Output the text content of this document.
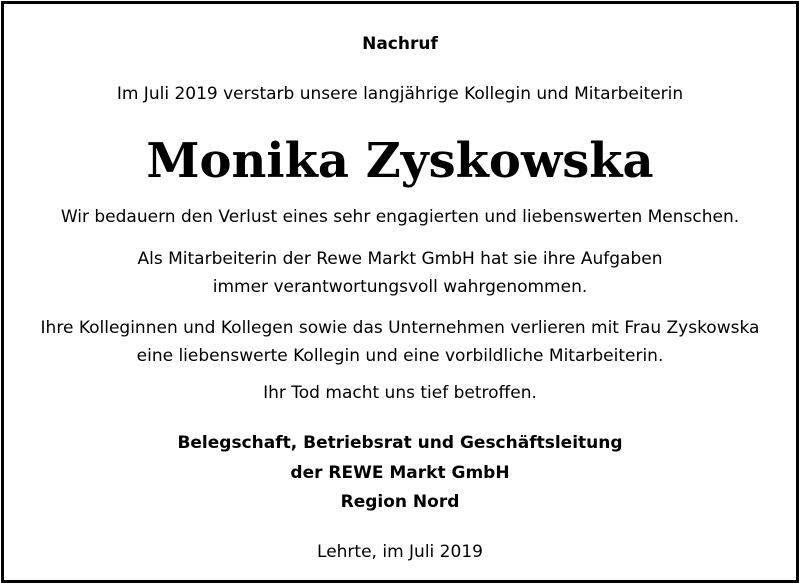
Nachruf
Im Juli 2019 verstarb unsere langjährige Kollegin und Mitarbeiterin
Monika Zyskowska
Wir bedauern den Verlust eines sehr engagierten und liebenswerten Menschen.
Als Mitarbeiterin der Rewe Markt GmbH hat sie ihre Aufgaben
immer verantwortungsvoll wahrgenommen.
Ihre Kolleginnen und Kollegen sowie das Unternehmen verlieren mit Frau Zyskowska
eine liebenswerte Kollegin und eine vorbildliche Mitarbeiterin.
Ihr Tod macht uns tief betroffen.
Belegschaft, Betriebsrat und Geschäftsleitung
der REWE Markt GmbH
Region Nord
Lehrte, im Juli 2019
